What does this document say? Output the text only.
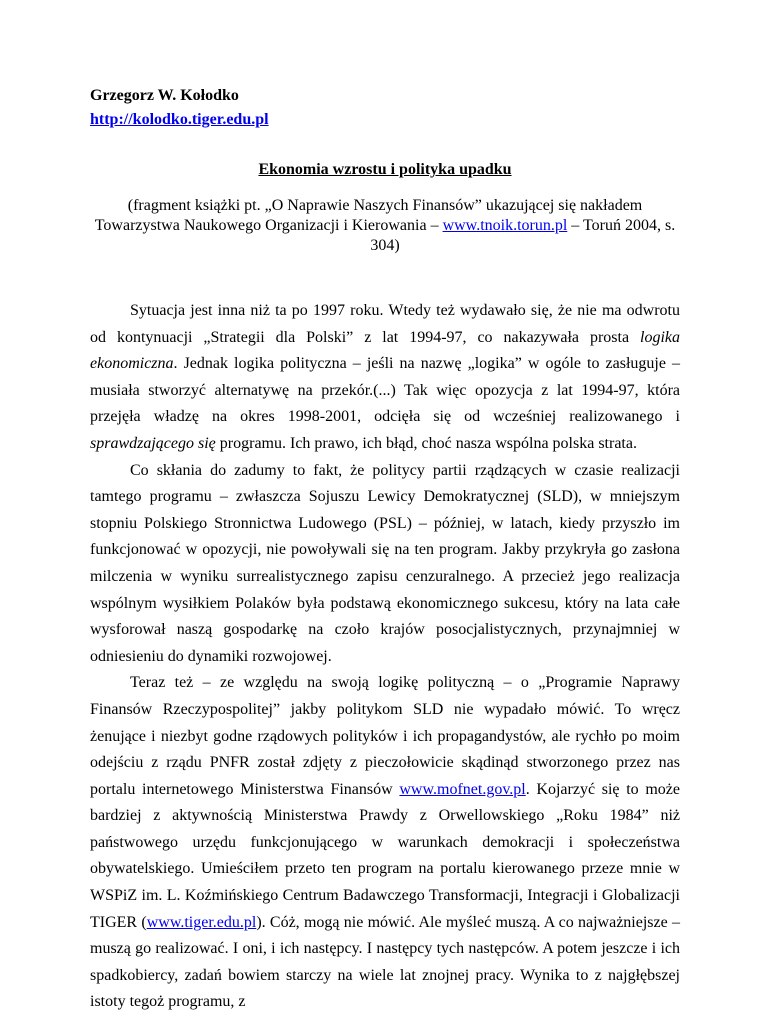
Grzegorz W. Kołodko

http://kolodko.tiger.edu.pl

Ekonomia wzrostu i polityka upadku

(fragment książki pt. „O Naprawie Naszych Finansów” ukazującej się nakładem Towarzystwa Naukowego Organizacji i Kierowania – www.tnoik.torun.pl – Toruń 2004, s. 304)

Sytuacja jest inna niż ta po 1997 roku. Wtedy też wydawało się, że nie ma odwrotu od kontynuacji „Strategii dla Polski” z lat 1994-97, co nakazywała prosta logika ekonomiczna. Jednak logika polityczna – jeśli na nazwę „logika” w ogóle to zasługuje – musiała stworzyć alternatywę na przekór.(...) Tak więc opozycja z lat 1994-97, która przejęła władzę na okres 1998-2001, odcięła się od wcześniej realizowanego i sprawdzającego się programu. Ich prawo, ich błąd, choć nasza wspólna polska strata.

Co skłania do zadumy to fakt, że politycy partii rządzących w czasie realizacji tamtego programu – zwłaszcza Sojuszu Lewicy Demokratycznej (SLD), w mniejszym stopniu Polskiego Stronnictwa Ludowego (PSL) – później, w latach, kiedy przyszło im funkcjonować w opozycji, nie powoływali się na ten program. Jakby przykryła go zasłona milczenia w wyniku surrealistycznego zapisu cenzuralnego. A przecież jego realizacja wspólnym wysiłkiem Polaków była podstawą ekonomicznego sukcesu, który na lata całe wysforował naszą gospodarkę na czoło krajów posocjalistycznych, przynajmniej w odniesieniu do dynamiki rozwojowej.

Teraz też – ze względu na swoją logikę polityczną – o „Programie Naprawy Finansów Rzeczypospolitej” jakby politykom SLD nie wypadało mówić. To wręcz żenujące i niezbyt godne rządowych polityków i ich propagandystów, ale rychło po moim odejściu z rządu PNFR został zdjęty z pieczołowicie skądinąd stworzonego przez nas portalu internetowego Ministerstwa Finansów www.mofnet.gov.pl. Kojarzyć się to może bardziej z aktywnością Ministerstwa Prawdy z Orwellowskiego „Roku 1984” niż państwowego urzędu funkcjonującego w warunkach demokracji i społeczeństwa obywatelskiego. Umieściłem przeto ten program na portalu kierowanego przeze mnie w WSPiZ im. L. Koźmińskiego Centrum Badawczego Transformacji, Integracji i Globalizacji TIGER (www.tiger.edu.pl). Cóż, mogą nie mówić. Ale myśleć muszą. A co najważniejsze – muszą go realizować. I oni, i ich następcy. I następcy tych następców. A potem jeszcze i ich spadkobiercy, zadań bowiem starczy na wiele lat znojnej pracy. Wynika to z najgłębszej istoty tegoż programu, z
